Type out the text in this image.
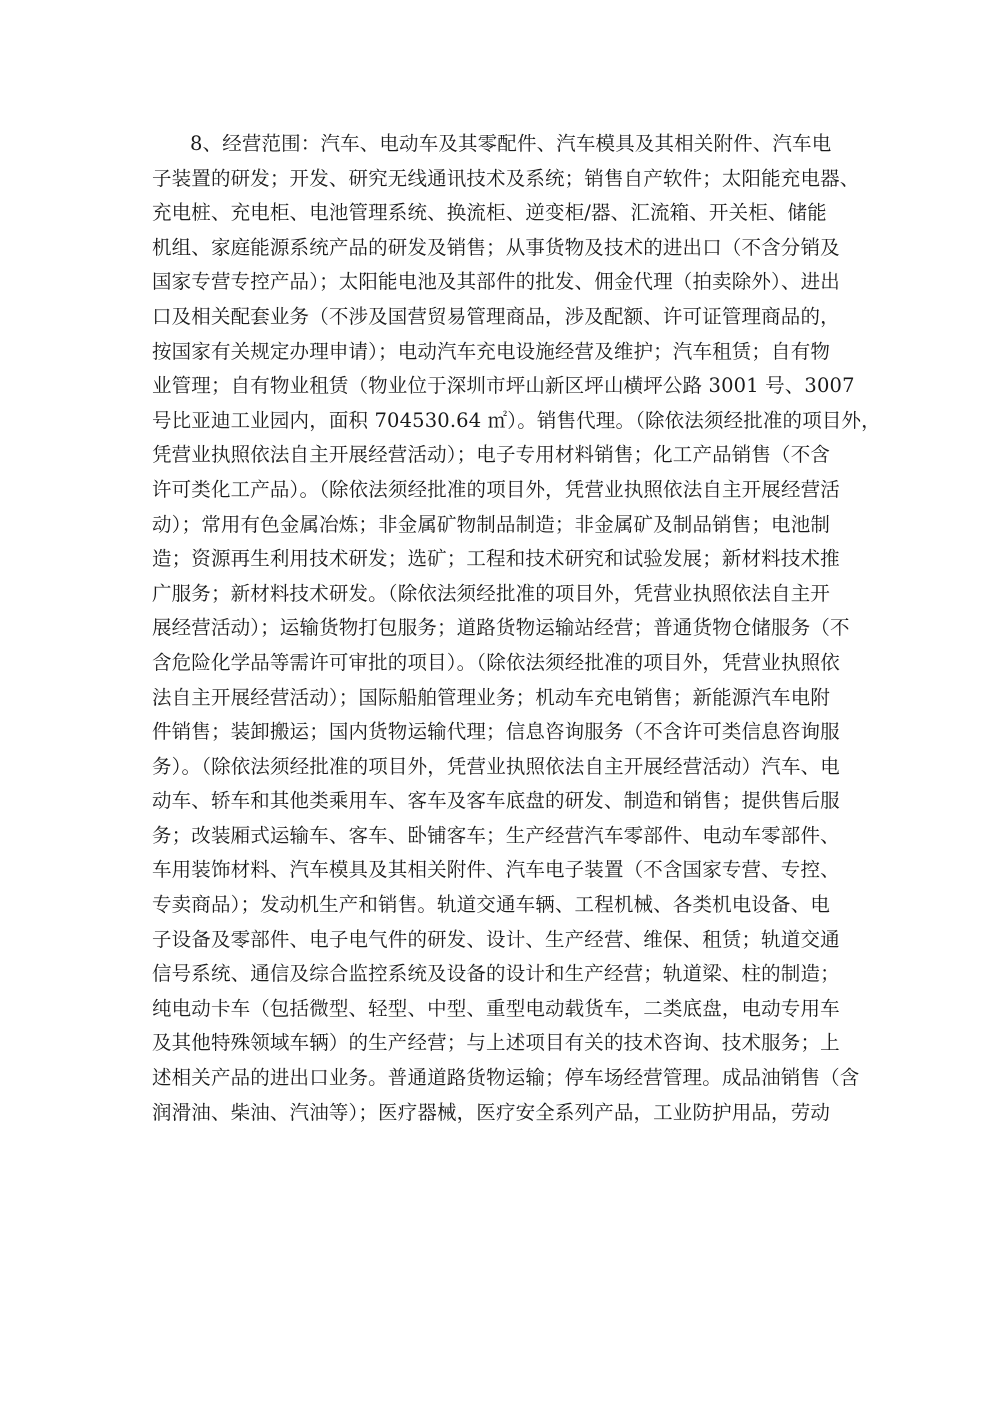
8、经营范围：汽车、电动车及其零配件、汽车模具及其相关附件、汽车电
子装置的研发；开发、研究无线通讯技术及系统；销售自产软件；太阳能充电器、
充电桩、充电柜、电池管理系统、换流柜、逆变柜/器、汇流箱、开关柜、储能
机组、家庭能源系统产品的研发及销售；从事货物及技术的进出口（不含分销及
国家专营专控产品）；太阳能电池及其部件的批发、佣金代理（拍卖除外）、进出
口及相关配套业务（不涉及国营贸易管理商品，涉及配额、许可证管理商品的，
按国家有关规定办理申请）；电动汽车充电设施经营及维护；汽车租赁；自有物
业管理；自有物业租赁（物业位于深圳市坪山新区坪山横坪公路 3001 号、3007
号比亚迪工业园内，面积 704530.64 ㎡）。销售代理。（除依法须经批准的项目外，
凭营业执照依法自主开展经营活动）；电子专用材料销售；化工产品销售（不含
许可类化工产品）。（除依法须经批准的项目外，凭营业执照依法自主开展经营活
动）；常用有色金属冶炼；非金属矿物制品制造；非金属矿及制品销售；电池制
造；资源再生利用技术研发；选矿；工程和技术研究和试验发展；新材料技术推
广服务；新材料技术研发。（除依法须经批准的项目外，凭营业执照依法自主开
展经营活动）；运输货物打包服务；道路货物运输站经营；普通货物仓储服务（不
含危险化学品等需许可审批的项目）。（除依法须经批准的项目外，凭营业执照依
法自主开展经营活动）；国际船舶管理业务；机动车充电销售；新能源汽车电附
件销售；装卸搬运；国内货物运输代理；信息咨询服务（不含许可类信息咨询服
务）。（除依法须经批准的项目外，凭营业执照依法自主开展经营活动）汽车、电
动车、轿车和其他类乘用车、客车及客车底盘的研发、制造和销售；提供售后服
务；改装厢式运输车、客车、卧铺客车；生产经营汽车零部件、电动车零部件、
车用装饰材料、汽车模具及其相关附件、汽车电子装置（不含国家专营、专控、
专卖商品）；发动机生产和销售。轨道交通车辆、工程机械、各类机电设备、电
子设备及零部件、电子电气件的研发、设计、生产经营、维保、租赁；轨道交通
信号系统、通信及综合监控系统及设备的设计和生产经营；轨道梁、柱的制造；
纯电动卡车（包括微型、轻型、中型、重型电动载货车，二类底盘，电动专用车
及其他特殊领域车辆）的生产经营；与上述项目有关的技术咨询、技术服务；上
述相关产品的进出口业务。普通道路货物运输；停车场经营管理。成品油销售（含
润滑油、柴油、汽油等）；医疗器械，医疗安全系列产品，工业防护用品，劳动
